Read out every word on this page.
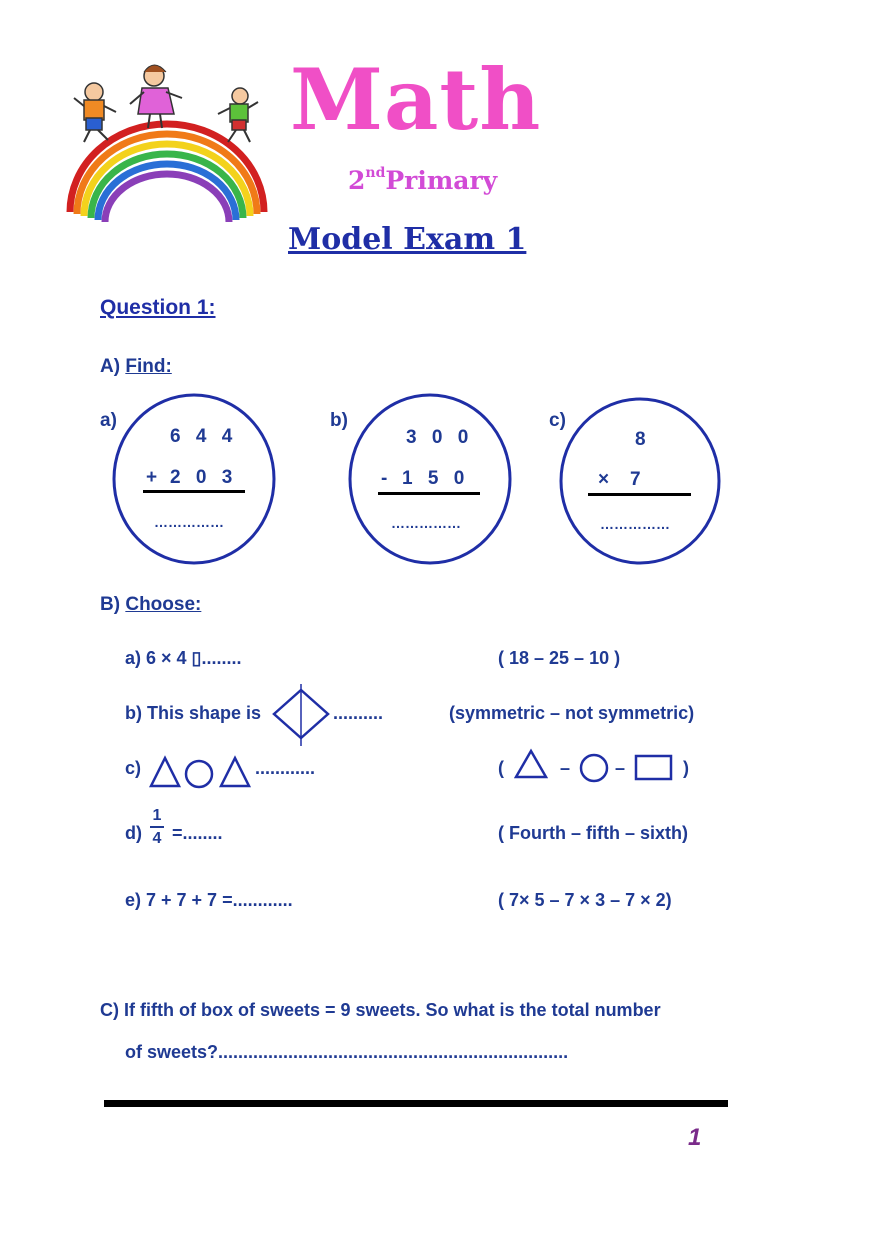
Math
2ndPrimary
Model Exam 1
Question 1:
A) Find:
a)
6 4 4
+ 2 0 3
……………
b)
3 0 0
- 1 5 0
……………
c)
8
× 7
……………
B) Choose:
a) 6 × 4 ▯........	( 18 – 25 – 10 )
b) This shape is	..........	(symmetric – not symmetric)
c)	............	(	– –	)
$d) \frac{1}{4}$ =........	( Fourth – fifth – sixth)
e) 7 + 7 + 7 =............	( 7× 5 – 7 × 3 – 7 × 2)
C) If fifth of box of sweets = 9 sweets. So what is the total number
of sweets?......................................................................
1
